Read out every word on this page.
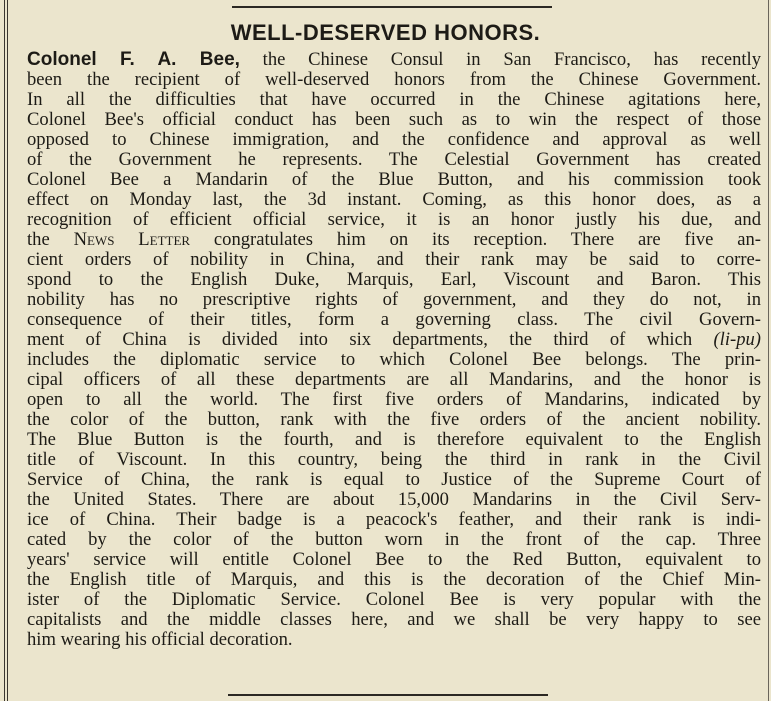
WELL-DESERVED HONORS.
Colonel F. A. Bee, the Chinese Consul in San Francisco, has recently
been the recipient of well-deserved honors from the Chinese Government.
In all the difficulties that have occurred in the Chinese agitations here,
Colonel Bee's official conduct has been such as to win the respect of those
opposed to Chinese immigration, and the confidence and approval as well
of the Government he represents. The Celestial Government has created
Colonel Bee a Mandarin of the Blue Button, and his commission took
effect on Monday last, the 3d instant. Coming, as this honor does, as a
recognition of efficient official service, it is an honor justly his due, and
the News Letter congratulates him on its reception. There are five an-
cient orders of nobility in China, and their rank may be said to corre-
spond to the English Duke, Marquis, Earl, Viscount and Baron. This
nobility has no prescriptive rights of government, and they do not, in
consequence of their titles, form a governing class. The civil Govern-
ment of China is divided into six departments, the third of which (li-pu)
includes the diplomatic service to which Colonel Bee belongs. The prin-
cipal officers of all these departments are all Mandarins, and the honor is
open to all the world. The first five orders of Mandarins, indicated by
the color of the button, rank with the five orders of the ancient nobility.
The Blue Button is the fourth, and is therefore equivalent to the English
title of Viscount. In this country, being the third in rank in the Civil
Service of China, the rank is equal to Justice of the Supreme Court of
the United States. There are about 15,000 Mandarins in the Civil Serv-
ice of China. Their badge is a peacock's feather, and their rank is indi-
cated by the color of the button worn in the front of the cap. Three
years' service will entitle Colonel Bee to the Red Button, equivalent to
the English title of Marquis, and this is the decoration of the Chief Min-
ister of the Diplomatic Service. Colonel Bee is very popular with the
capitalists and the middle classes here, and we shall be very happy to see
him wearing his official decoration.
